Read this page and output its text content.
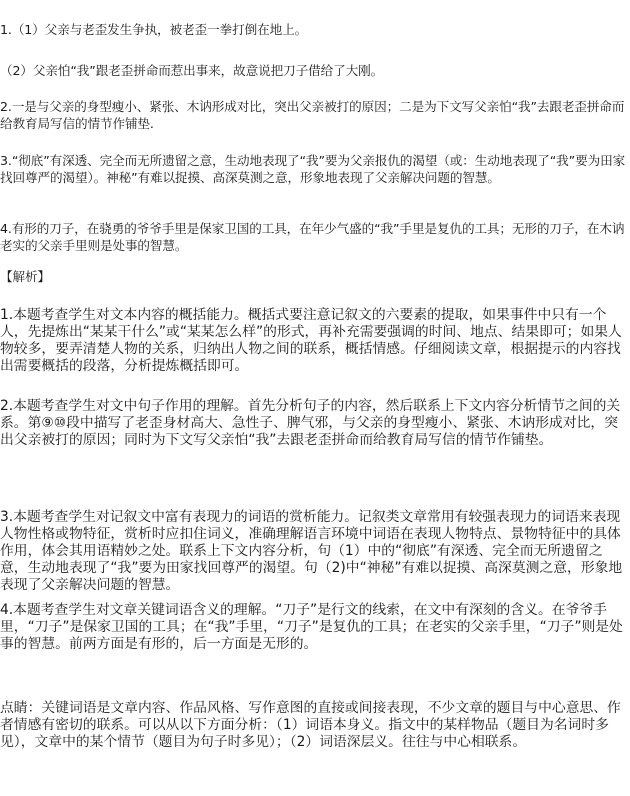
1.（1）父亲与老歪发生争执，被老歪一拳打倒在地上。

（2）父亲怕“我”跟老歪拼命而惹出事来，故意说把刀子借给了大刚。

2.一是与父亲的身型瘦小、紧张、木讷形成对比，突出父亲被打的原因；二是为下文写父亲怕“我”去跟老歪拼命而给教育局写信的情节作铺垫.

3.“彻底”有深透、完全而无所遗留之意，生动地表现了“我”要为父亲报仇的渴望（或：生动地表现了“我”要为田家找回尊严的渴望）。神秘”有难以捉摸、高深莫测之意，形象地表现了父亲解决问题的智慧。

4.有形的刀子，在骁勇的爷爷手里是保家卫国的工具，在年少气盛的“我”手里是复仇的工具；无形的刀子，在木讷老实的父亲手里则是处事的智慧。

【解析】

1.本题考查学生对文本内容的概括能力。概括式要注意记叙文的六要素的提取，如果事件中只有一个人，先提炼出“某某干什么”或“某某怎么样”的形式，再补充需要强调的时间、地点、结果即可；如果人物较多，要弄清楚人物的关系，归纳出人物之间的联系，概括情感。仔细阅读文章，根据提示的内容找出需要概括的段落，分析提炼概括即可。

2.本题考查学生对文中句子作用的理解。首先分析句子的内容，然后联系上下文内容分析情节之间的关系。第⑨⑩段中描写了老歪身材高大、急性子、脾气邪，与父亲的身型瘦小、紧张、木讷形成对比，突出父亲被打的原因；同时为下文写父亲怕“我”去跟老歪拼命而给教育局写信的情节作铺垫。

3.本题考查学生对记叙文中富有表现力的词语的赏析能力。记叙类文章常用有较强表现力的词语来表现人物性格或物特征，赏析时应扣住词义，准确理解语言环境中词语在表现人物特点、景物特征中的具体作用，体会其用语精妙之处。联系上下文内容分析，句（1）中的“彻底”有深透、完全而无所遗留之意，生动地表现了“我”要为田家找回尊严的渴望。句（2)中“神秘”有难以捉摸、高深莫测之意，形象地表现了父亲解决问题的智慧。

4.本题考查学生对文章关键词语含义的理解。“刀子”是行文的线索，在文中有深刻的含义。在爷爷手里，“刀子”是保家卫国的工具；在“我”手里，“刀子”是复仇的工具；在老实的父亲手里，“刀子”则是处事的智慧。前两方面是有形的，后一方面是无形的。

点睛：关键词语是文章内容、作品风格、写作意图的直接或间接表现，不少文章的题目与中心意思、作者情感有密切的联系。可以从以下方面分析：（1）词语本身义。指文中的某样物品（题目为名词时多见），文章中的某个情节（题目为句子时多见）；（2）词语深层义。往往与中心相联系。
